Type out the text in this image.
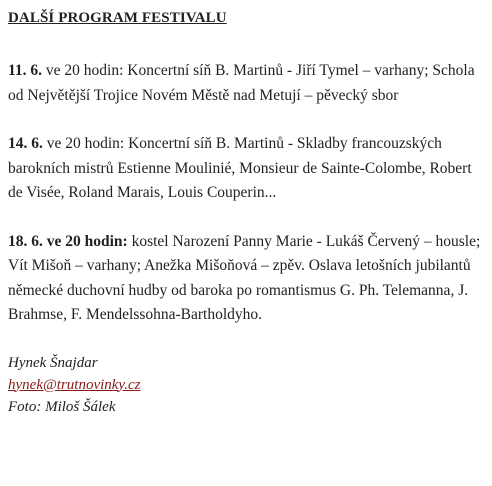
DALŠÍ PROGRAM FESTIVALU

11. 6. ve 20 hodin: Koncertní síň B. Martinů - Jiří Tymel – varhany; Schola od Největější Trojice Novém Městě nad Metují – pěvecký sbor

14. 6. ve 20 hodin: Koncertní síň B. Martinů - Skladby francouzských barokních mistrů Estienne Moulinié, Monsieur de Sainte-Colombe, Robert de Visée, Roland Marais, Louis Couperin...

18. 6. ve 20 hodin: kostel Narození Panny Marie - Lukáš Červený – housle; Vít Mišoň – varhany; Anežka Mišoňová – zpěv. Oslava letošních jubilantů německé duchovní hudby od baroka po romantismus G. Ph. Telemanna, J. Brahmse, F. Mendelssohna-Bartholdyho.

Hynek Šnajdar

hynek@trutnovinky.cz

Foto: Miloš Šálek
